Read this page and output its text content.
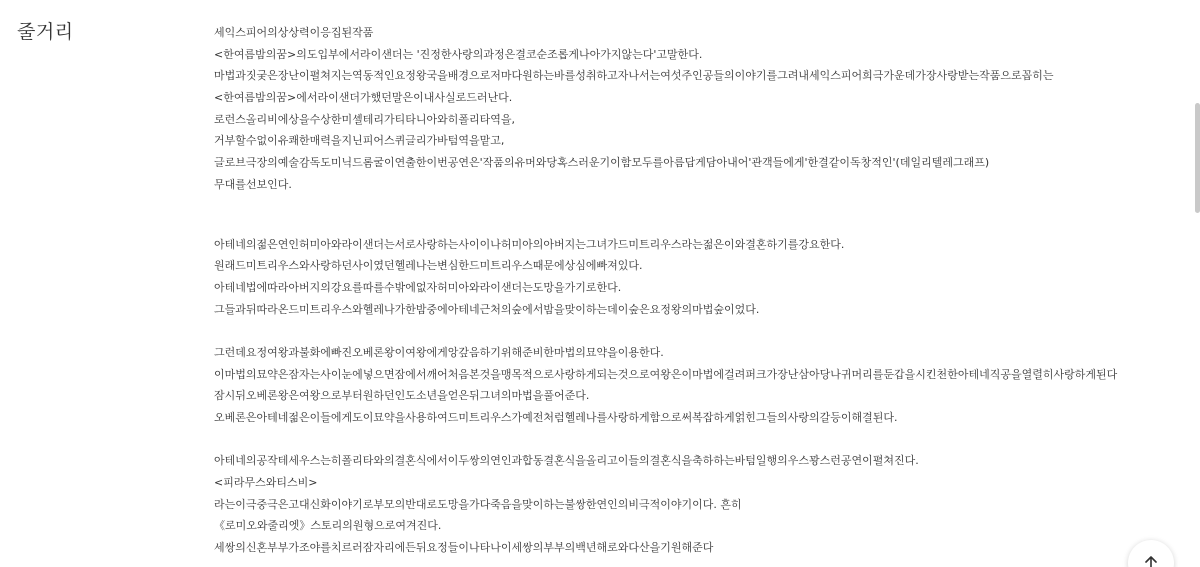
줄거리	세익스피어의상상력이응집된작품
<한여름밤의꿈>의도입부에서라이샌더는 '진정한사랑의과정은결코순조롭게나아가지않는다'고말한다.
마법과짓궂은장난이펼쳐지는역동적인요정왕국을배경으로저마다원하는바를성취하고자나서는여섯주인공들의이야기를그려내세익스피어희극가운데가장사랑받는작품으로꼽히는
<한여름밤의꿈>에서라이샌더가했던말은이내사실로드러난다.
로런스올리비에상을수상한미셸테리가티타니아와히폴리타역을,
거부할수없이유쾌한매력을지닌피어스퀴글리가바텀역을맡고,
글로브극장의예술감독도미닉드롬굴이연출한이번공연은'작품의유머와당혹스러운기이함모두를아름답게담아내어'관객들에게'한결같이독창적인'(데일리텔레그래프)
무대를선보인다.
아테네의젊은연인허미아와라이샌더는서로사랑하는사이이나허미아의아버지는그녀가드미트리우스라는젊은이와결혼하기를강요한다.
원래드미트리우스와사랑하던사이였던헬레나는변심한드미트리우스때문에상심에빠져있다.
아테네법에따라아버지의강요를따를수밖에없자허미아와라이샌더는도망을가기로한다.
그들과뒤따라온드미트리우스와헬레나가한밤중에아테네근처의숲에서밤을맞이하는데이숲은요정왕의마법숲이었다.
그런데요정여왕과불화에빠진오베론왕이여왕에게앙갚음하기위해준비한마법의묘약을이용한다.
이마법의묘약은잠자는사이눈에넣으면잠에서깨어처음본것을맹목적으로사랑하게되는것으로여왕은이마법에걸려퍼크가장난삼아당나귀머리를둔갑을시킨천한아테네직공을열렬히사랑하게된다
잠시뒤오베론왕은여왕으로부터원하던인도소년을얻은뒤그녀의마법을풀어준다.
오베론은아테네젊은이들에게도이묘약을사용하여드미트리우스가예전처럼헬레나를사랑하게함으로써복잡하게얽힌그들의사랑의갈등이해결된다.
아테네의공작테세우스는히폴리타와의결혼식에서이두쌍의연인과합동결혼식을올리고이들의결혼식을축하하는바텀일행의우스꽝스런공연이펼쳐진다.
<피라무스와티스비>
라는이극중극은고대신화이야기로부모의반대로도망을가다죽음을맞이하는불쌍한연인의비극적이야기이다. 흔히
《로미오와줄리엣》스토리의원형으로여겨진다.
세쌍의신혼부부가조야를치르러잠자리에든뒤요정들이나타나이세쌍의부부의백년해로와다산을기원해준다
